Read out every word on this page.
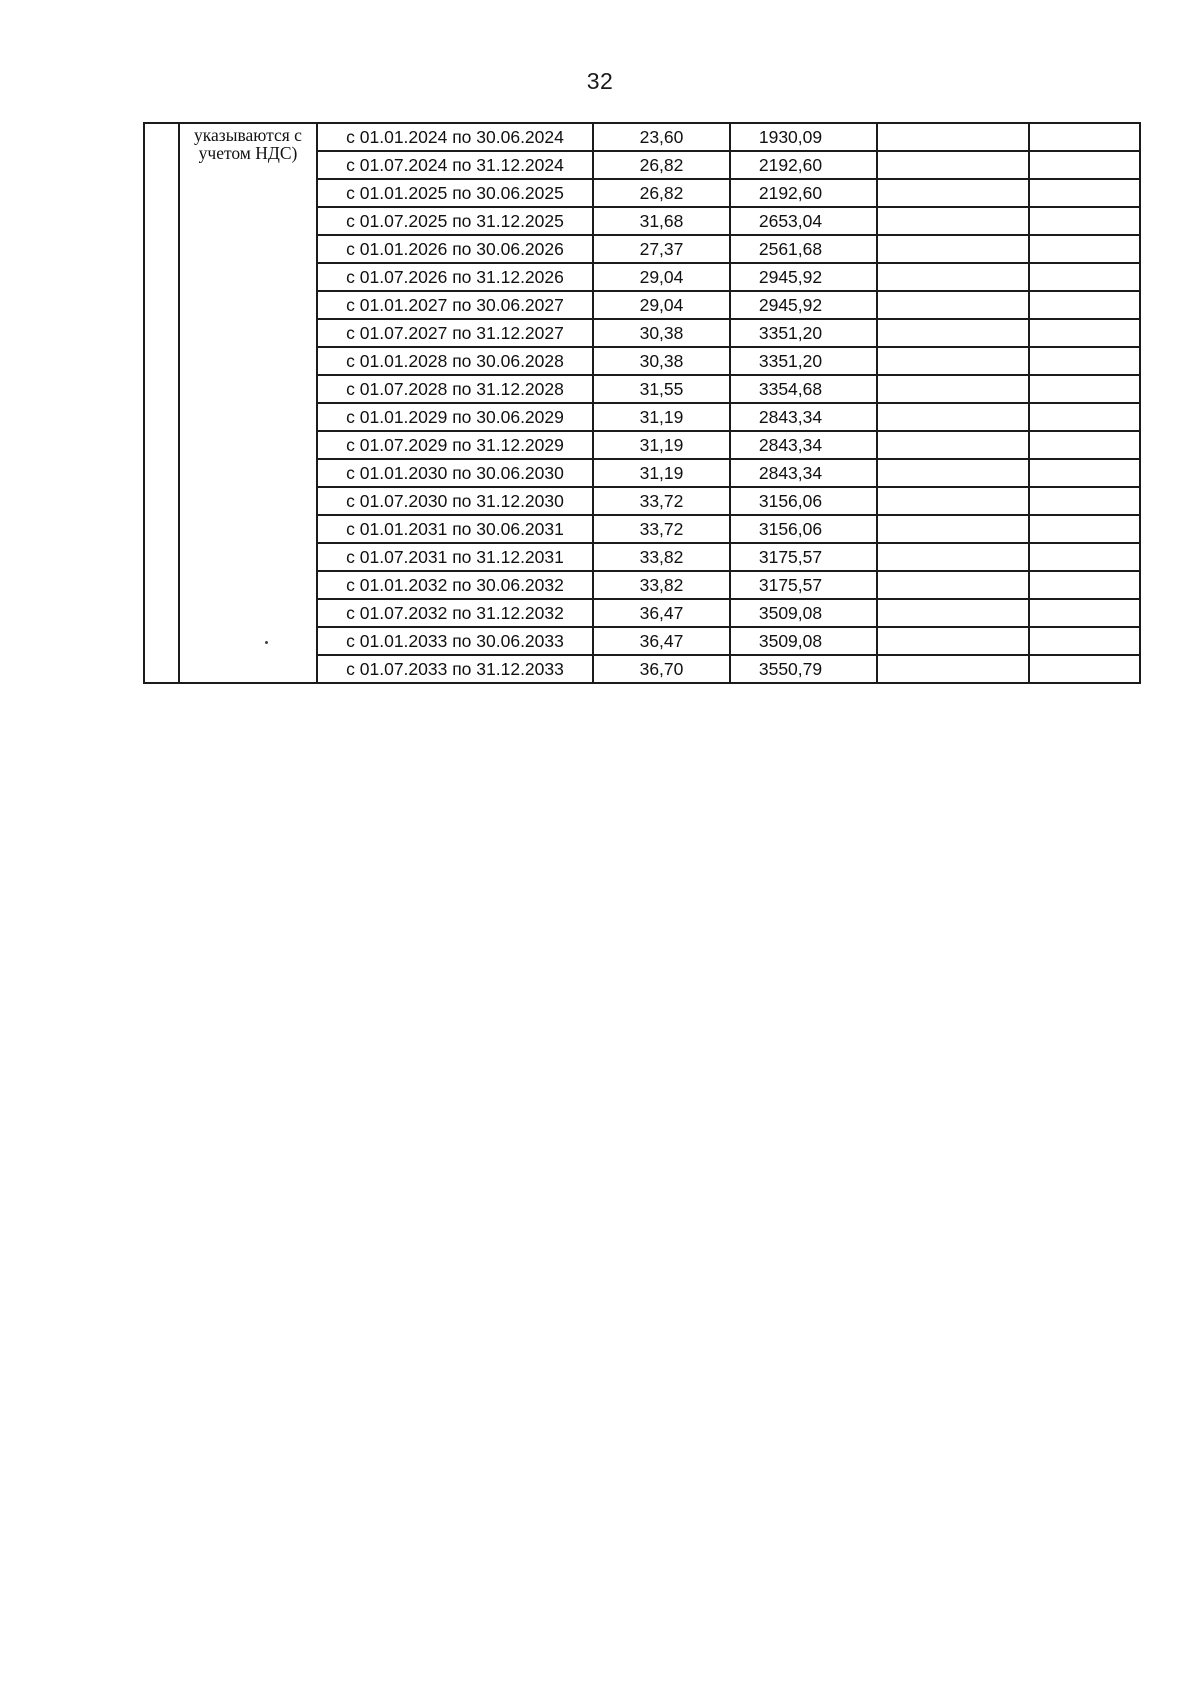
32
	указываются с учетом НДС)	с 01.01.2024 по 30.06.2024	23,60	1930,09		
		с 01.07.2024 по 31.12.2024	26,82	2192,60		
		с 01.01.2025 по 30.06.2025	26,82	2192,60		
		с 01.07.2025 по 31.12.2025	31,68	2653,04		
		с 01.01.2026 по 30.06.2026	27,37	2561,68		
		с 01.07.2026 по 31.12.2026	29,04	2945,92		
		с 01.01.2027 по 30.06.2027	29,04	2945,92		
		с 01.07.2027 по 31.12.2027	30,38	3351,20		
		с 01.01.2028 по 30.06.2028	30,38	3351,20		
		с 01.07.2028 по 31.12.2028	31,55	3354,68		
		с 01.01.2029 по 30.06.2029	31,19	2843,34		
		с 01.07.2029 по 31.12.2029	31,19	2843,34		
		с 01.01.2030 по 30.06.2030	31,19	2843,34		
		с 01.07.2030 по 31.12.2030	33,72	3156,06		
		с 01.01.2031 по 30.06.2031	33,72	3156,06		
		с 01.07.2031 по 31.12.2031	33,82	3175,57		
		с 01.01.2032 по 30.06.2032	33,82	3175,57		
		с 01.07.2032 по 31.12.2032	36,47	3509,08		
		с 01.01.2033 по 30.06.2033	36,47	3509,08		
		с 01.07.2033 по 31.12.2033	36,70	3550,79		
